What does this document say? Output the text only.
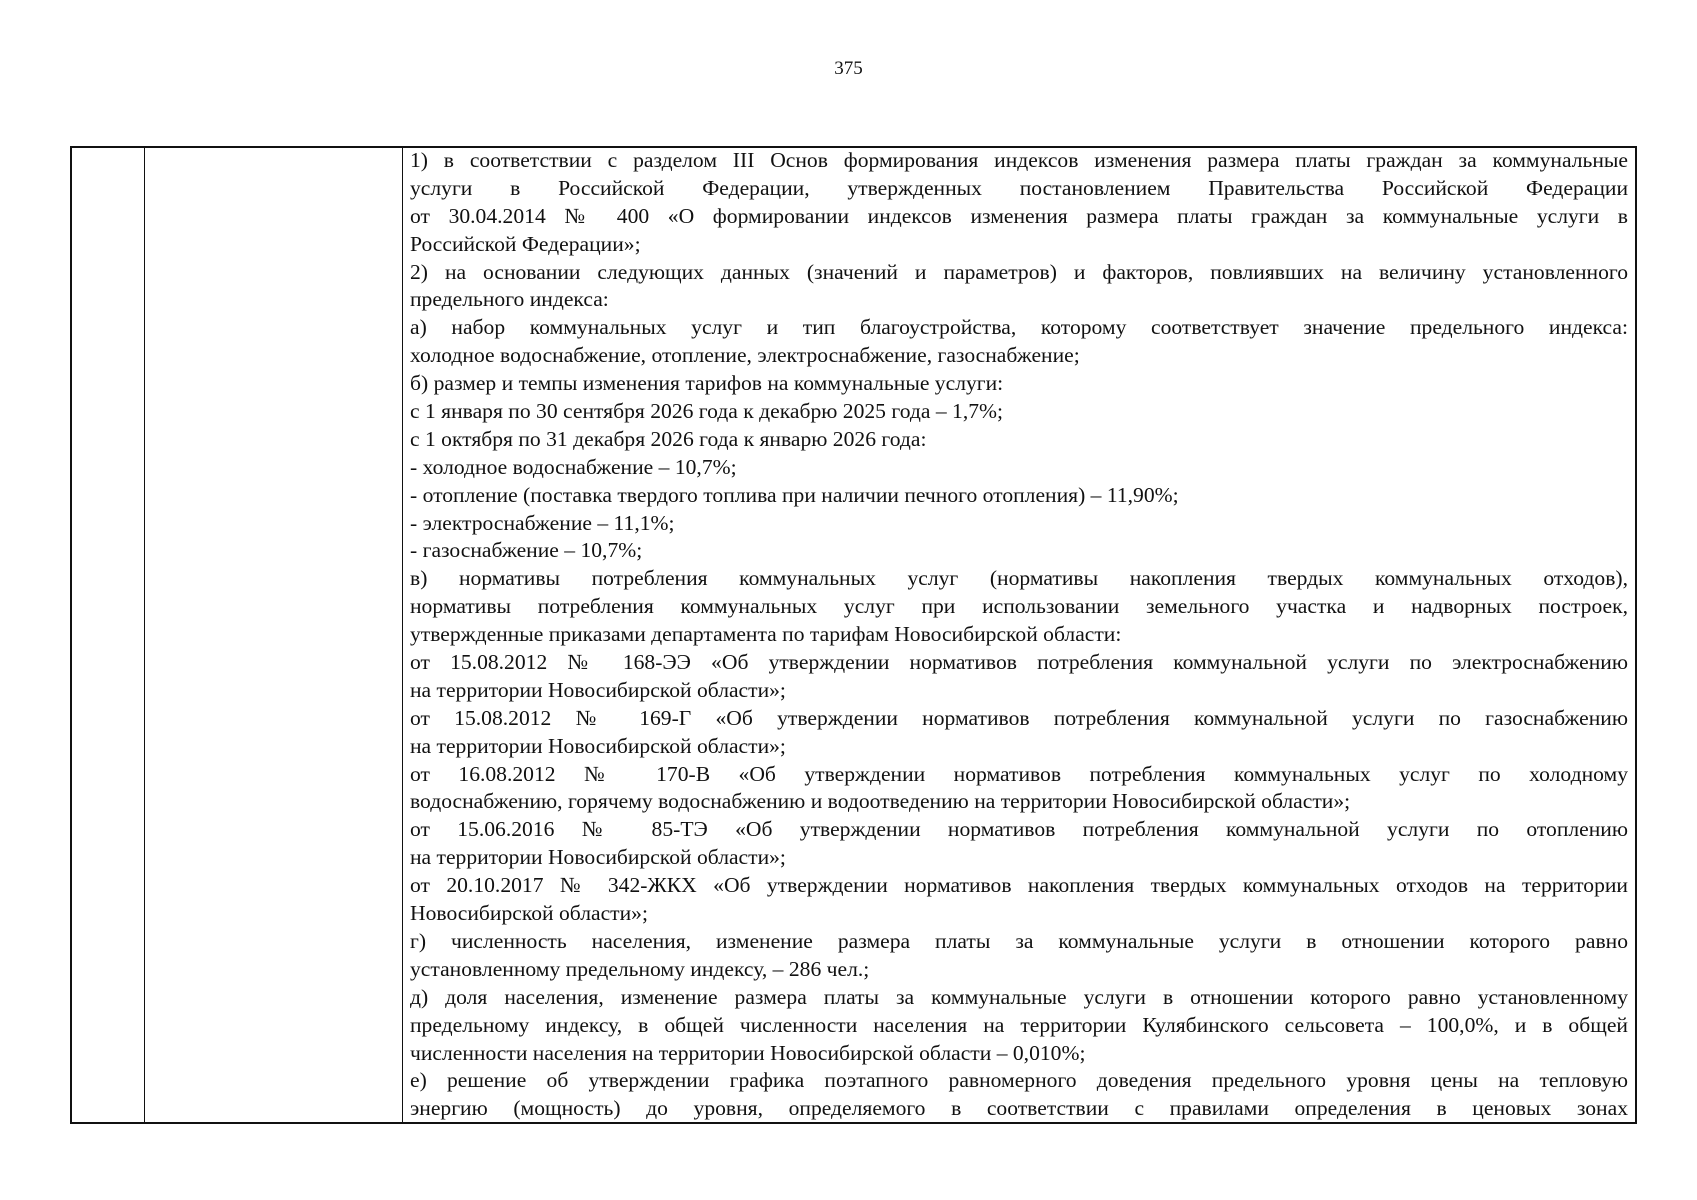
375
1) в соответствии с разделом III Основ формирования индексов изменения размера платы граждан за коммунальные
услуги в Российской Федерации, утвержденных постановлением Правительства Российской Федерации
от 30.04.2014 № 400 «О формировании индексов изменения размера платы граждан за коммунальные услуги в
Российской Федерации»;
2) на основании следующих данных (значений и параметров) и факторов, повлиявших на величину установленного
предельного индекса:
а) набор коммунальных услуг и тип благоустройства, которому соответствует значение предельного индекса:
холодное водоснабжение, отопление, электроснабжение, газоснабжение;
б) размер и темпы изменения тарифов на коммунальные услуги:
с 1 января по 30 сентября 2026 года к декабрю 2025 года – 1,7%;
с 1 октября по 31 декабря 2026 года к январю 2026 года:
- холодное водоснабжение – 10,7%;
- отопление (поставка твердого топлива при наличии печного отопления) – 11,90%;
- электроснабжение – 11,1%;
- газоснабжение – 10,7%;
в) нормативы потребления коммунальных услуг (нормативы накопления твердых коммунальных отходов),
нормативы потребления коммунальных услуг при использовании земельного участка и надворных построек,
утвержденные приказами департамента по тарифам Новосибирской области:
от 15.08.2012 № 168-ЭЭ «Об утверждении нормативов потребления коммунальной услуги по электроснабжению
на территории Новосибирской области»;
от 15.08.2012 № 169-Г «Об утверждении нормативов потребления коммунальной услуги по газоснабжению
на территории Новосибирской области»;
от 16.08.2012 № 170-В «Об утверждении нормативов потребления коммунальных услуг по холодному
водоснабжению, горячему водоснабжению и водоотведению на территории Новосибирской области»;
от 15.06.2016 № 85-ТЭ «Об утверждении нормативов потребления коммунальной услуги по отоплению
на территории Новосибирской области»;
от 20.10.2017 № 342-ЖКХ «Об утверждении нормативов накопления твердых коммунальных отходов на территории
Новосибирской области»;
г) численность населения, изменение размера платы за коммунальные услуги в отношении которого равно
установленному предельному индексу, – 286 чел.;
д) доля населения, изменение размера платы за коммунальные услуги в отношении которого равно установленному
предельному индексу, в общей численности населения на территории Кулябинского сельсовета – 100,0%, и в общей
численности населения на территории Новосибирской области – 0,010%;
е) решение об утверждении графика поэтапного равномерного доведения предельного уровня цены на тепловую
энергию (мощность) до уровня, определяемого в соответствии с правилами определения в ценовых зонах
